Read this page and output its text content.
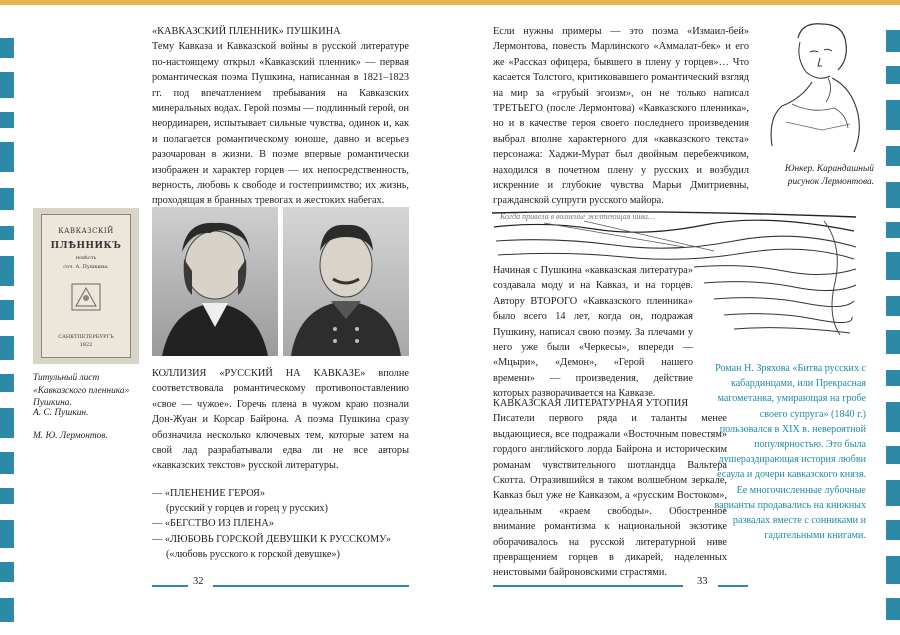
«КАВКАЗСКИЙ ПЛЕННИК» ПУШКИНА

Тему Кавказа и Кавказской войны в русской литературе по-настоящему открыл «Кавказский пленник» — первая романтическая поэма Пушкина, написанная в 1821–1823 гг. под впечатлением пребывания на Кавказских минеральных водах. Герой поэмы — подлинный герой, он неординарен, испытывает сильные чувства, одинок и, как и полагается романтическому юноше, давно и всерьез разочарован в жизни. В поэме впервые романтически изображен и характер горцев — их непосредственность, верность, любовь к свободе и гостеприимство; их жизнь, проходящая в бранных тревогах и жестоких набегах.

КАВКАЗСКІЙ
ПЛѢННИКЪ
повѣсть
соч. А. Пушкина.
САНКТПЕТЕРБУРГЪ
1822
Титульный лист «Кавказского пленника» Пушкина.
А. С. Пушкин.
М. Ю. Лермонтов.

КОЛЛИЗИЯ «РУССКИЙ НА КАВКАЗЕ» вполне соответствовала романтическому противопоставлению «свое — чужое». Горечь плена в чужом краю познали Дон-Жуан и Корсар Байрона. А поэма Пушкина сразу обозначила несколько ключевых тем, которые затем на свой лад разрабатывали едва ли не все авторы «кавказских текстов» русской литературы.

— «ПЛЕНЕНИЕ ГЕРОЯ»
(русский у горцев и горец у русских)
— «БЕГСТВО ИЗ ПЛЕНА»
— «ЛЮБОВЬ ГОРСКОЙ ДЕВУШКИ К РУССКОМУ»
(«любовь русского к горской девушке»)
32

Если нужны примеры — это поэма «Измаил-бей» Лермонтова, повесть Марлинского «Аммалат-бек» и его же «Рассказ офицера, бывшего в плену у горцев»… Что касается Толстого, критиковавшего романтический взгляд на мир за «грубый эгоизм», он не только написал ТРЕТЬЕГО (после Лермонтова) «Кавказского пленника», но и в качестве героя своего последнего произведения выбрал вполне характерного для «кавказского текста» персонажа: Хаджи-Мурат был двойным перебежчиком, находился в почетном плену у русских и возбудил искренние и глубокие чувства Марьи Дмитриевны, гражданской супруги русского майора.

Юнкер. Карандашный рисунок Лермонтова.
Когда привела в волненье желтеющая нива…

Начиная с Пушкина «кавказская литература» создавала моду и на Кавказ, и на горцев. Автору ВТОРОГО «Кавказского пленника» было всего 14 лет, когда он, подражая Пушкину, написал свою поэму. За плечами у него уже были «Черкесы», впереди — «Мцыри», «Демон», «Герой нашего времени» — произведения, действие которых разворачивается на Кавказе.

КАВКАЗСКАЯ ЛИТЕРАТУРНАЯ УТОПИЯ

Писатели первого ряда и таланты менее выдающиеся, все подражали «Восточным повестям» гордого английского лорда Байрона и историческим романам чувствительного шотландца Вальтера Скотта. Отразившийся в таком волшебном зеркале, Кавказ был уже не Кавказом, а «русским Востоком», идеальным «краем свободы». Обостренное внимание романтизма к национальной экзотике оборачивалось на русской литературной ниве превращением горцев в дикарей, наделенных неистовыми байроновскими страстями.

Роман Н. Зряхова «Битва русских с кабардинцами, или Прекрасная магометанка, умирающая на гробе своего супруга» (1840 г.) пользовался в XIX в. невероятной популярностью. Это была душераздирающая история любви есаула и дочери кавказского князя. Ее многочисленные лубочные варианты продавались на книжных развалах вместе с сонниками и гадательными книгами.
33
